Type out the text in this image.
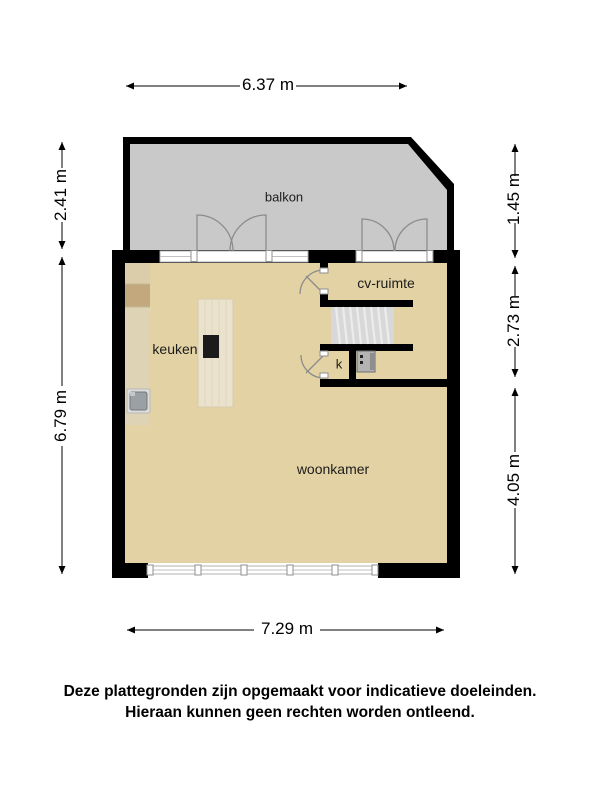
balkon
cv-ruimte
keuken
k
woonkamer
6.37 m
2.41 m
6.79 m
1.45 m
2.73 m
4.05 m
7.29 m
Deze plattegronden zijn opgemaakt voor indicatieve doeleinden.
Hieraan kunnen geen rechten worden ontleend.
